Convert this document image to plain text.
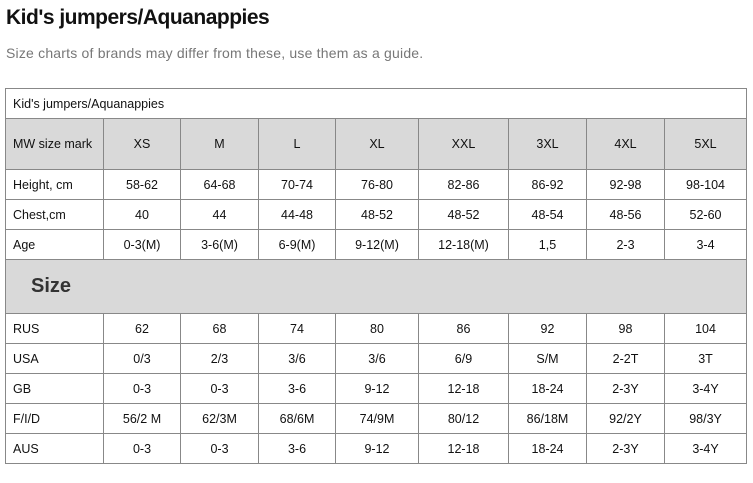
Kid's jumpers/Aquanappies

Size charts of brands may differ from these, use them as a guide.

Kid's jumpers/Aquanappies								
MW size mark	XS	M	L	XL	XXL	3XL	4XL	5XL
Height, cm	58-62	64-68	70-74	76-80	82-86	86-92	92-98	98-104
Chest,cm	40	44	44-48	48-52	48-52	48-54	48-56	52-60
Age	0-3(M)	3-6(M)	6-9(M)	9-12(M)	12-18(M)	1,5	2-3	3-4
Size								
RUS	62	68	74	80	86	92	98	104
USA	0/3	2/3	3/6	3/6	6/9	S/M	2-2T	3T
GB	0-3	0-3	3-6	9-12	12-18	18-24	2-3Y	3-4Y
F/I/D	56/2 M	62/3M	68/6M	74/9M	80/12	86/18M	92/2Y	98/3Y
AUS	0-3	0-3	3-6	9-12	12-18	18-24	2-3Y	3-4Y
